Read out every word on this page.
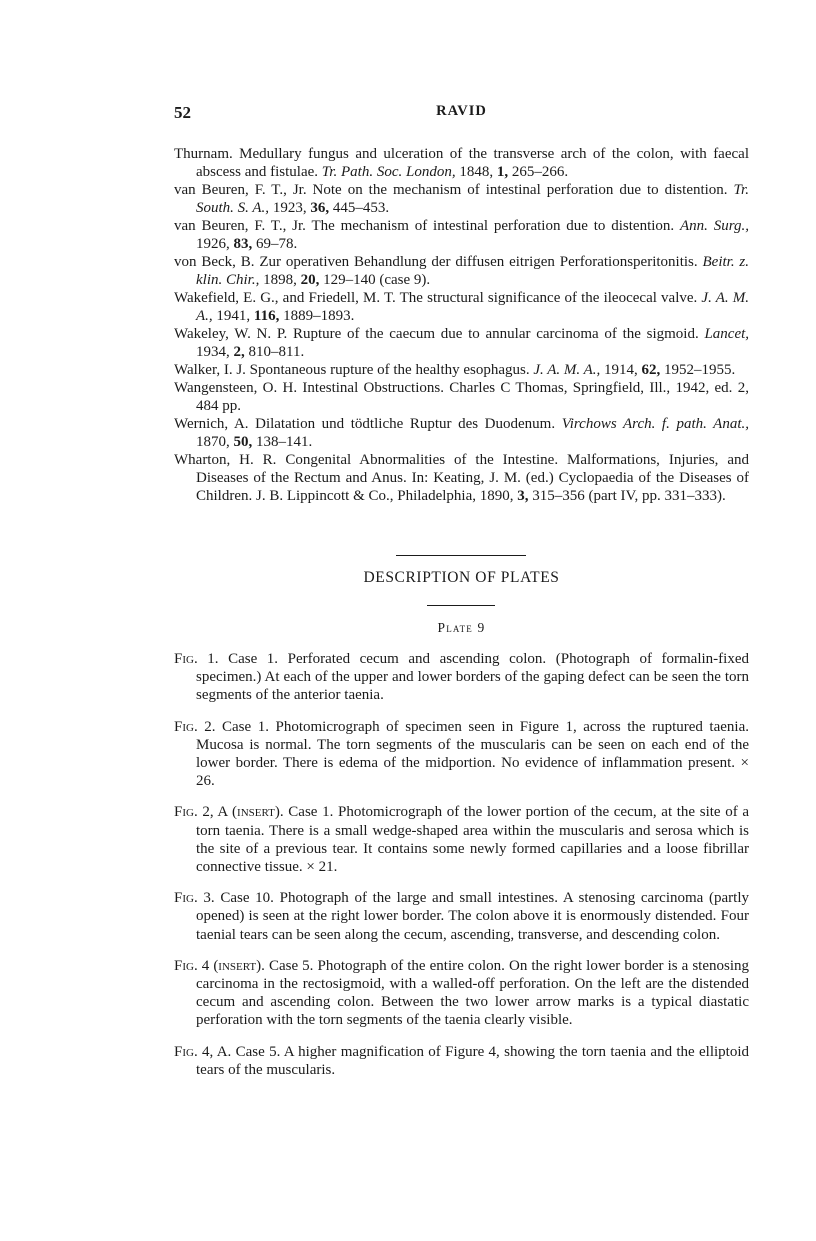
52	RAVID

Thurnam. Medullary fungus and ulceration of the transverse arch of the colon, with faecal abscess and fistulae. Tr. Path. Soc. London, 1848, 1, 265–266.

van Beuren, F. T., Jr. Note on the mechanism of intestinal perforation due to distention. Tr. South. S. A., 1923, 36, 445–453.

van Beuren, F. T., Jr. The mechanism of intestinal perforation due to distention. Ann. Surg., 1926, 83, 69–78.

von Beck, B. Zur operativen Behandlung der diffusen eitrigen Perforationsperitonitis. Beitr. z. klin. Chir., 1898, 20, 129–140 (case 9).

Wakefield, E. G., and Friedell, M. T. The structural significance of the ileocecal valve. J. A. M. A., 1941, 116, 1889–1893.

Wakeley, W. N. P. Rupture of the caecum due to annular carcinoma of the sigmoid. Lancet, 1934, 2, 810–811.

Walker, I. J. Spontaneous rupture of the healthy esophagus. J. A. M. A., 1914, 62, 1952–1955.

Wangensteen, O. H. Intestinal Obstructions. Charles C Thomas, Springfield, Ill., 1942, ed. 2, 484 pp.

Wernich, A. Dilatation und tödtliche Ruptur des Duodenum. Virchows Arch. f. path. Anat., 1870, 50, 138–141.

Wharton, H. R. Congenital Abnormalities of the Intestine. Malformations, Injuries, and Diseases of the Rectum and Anus. In: Keating, J. M. (ed.) Cyclopaedia of the Diseases of Children. J. B. Lippincott & Co., Philadelphia, 1890, 3, 315–356 (part IV, pp. 331–333).

DESCRIPTION OF PLATES
Plate 9

Fig. 1. Case 1. Perforated cecum and ascending colon. (Photograph of formalin-fixed specimen.) At each of the upper and lower borders of the gaping defect can be seen the torn segments of the anterior taenia.

Fig. 2. Case 1. Photomicrograph of specimen seen in Figure 1, across the ruptured taenia. Mucosa is normal. The torn segments of the muscularis can be seen on each end of the lower border. There is edema of the midportion. No evidence of inflammation present. × 26.

Fig. 2, A (insert). Case 1. Photomicrograph of the lower portion of the cecum, at the site of a torn taenia. There is a small wedge-shaped area within the muscularis and serosa which is the site of a previous tear. It contains some newly formed capillaries and a loose fibrillar connective tissue. × 21.

Fig. 3. Case 10. Photograph of the large and small intestines. A stenosing carcinoma (partly opened) is seen at the right lower border. The colon above it is enormously distended. Four taenial tears can be seen along the cecum, ascending, transverse, and descending colon.

Fig. 4 (insert). Case 5. Photograph of the entire colon. On the right lower border is a stenosing carcinoma in the rectosigmoid, with a walled-off perforation. On the left are the distended cecum and ascending colon. Between the two lower arrow marks is a typical diastatic perforation with the torn segments of the taenia clearly visible.

Fig. 4, A. Case 5. A higher magnification of Figure 4, showing the torn taenia and the elliptoid tears of the muscularis.
